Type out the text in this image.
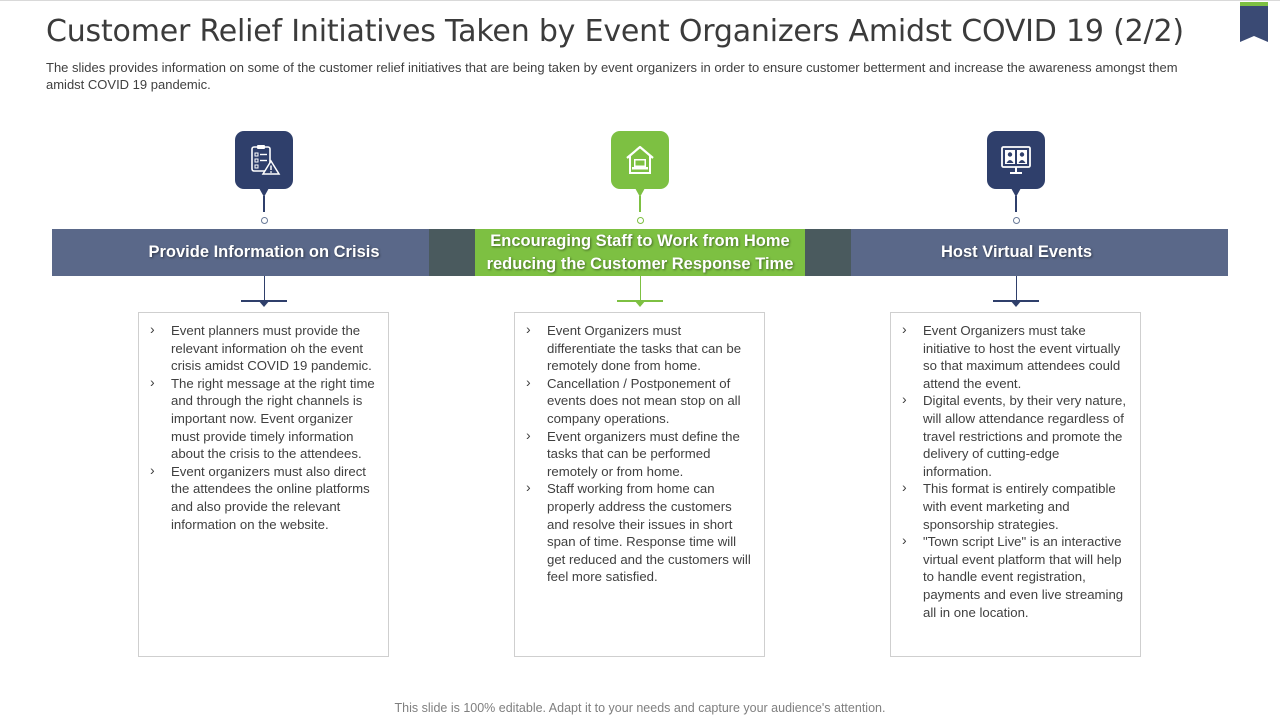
Customer Relief Initiatives Taken by Event Organizers Amidst COVID 19 (2/2)
The slides provides information on some of the customer relief initiatives that are being taken by event organizers in order to ensure customer betterment and increase the awareness amongst them amidst COVID 19 pandemic.
Provide Information on Crisis
Encouraging Staff to Work from Home reducing the Customer Response Time
Host Virtual Events
› Event planners must provide the relevant information oh the event crisis amidst COVID 19 pandemic.
› The right message at the right time and through the right channels is important now. Event organizer must provide timely information about the crisis to the attendees.
› Event organizers must also direct the attendees the online platforms and also provide the relevant information on the website.
› Event Organizers must differentiate the tasks that can be remotely done from home.
› Cancellation / Postponement of events does not mean stop on all company operations.
› Event organizers must define the tasks that can be performed remotely or from home.
› Staff working from home can properly address the customers and resolve their issues in short span of time. Response time will get reduced and the customers will feel more satisfied.
› Event Organizers must take initiative to host the event virtually so that maximum attendees could attend the event.
› Digital events, by their very nature, will allow attendance regardless of travel restrictions and promote the delivery of cutting-edge information.
› This format is entirely compatible with event marketing and sponsorship strategies.
› "Town script Live" is an interactive virtual event platform that will help to handle event registration, payments and even live streaming all in one location.
This slide is 100% editable. Adapt it to your needs and capture your audience's attention.
